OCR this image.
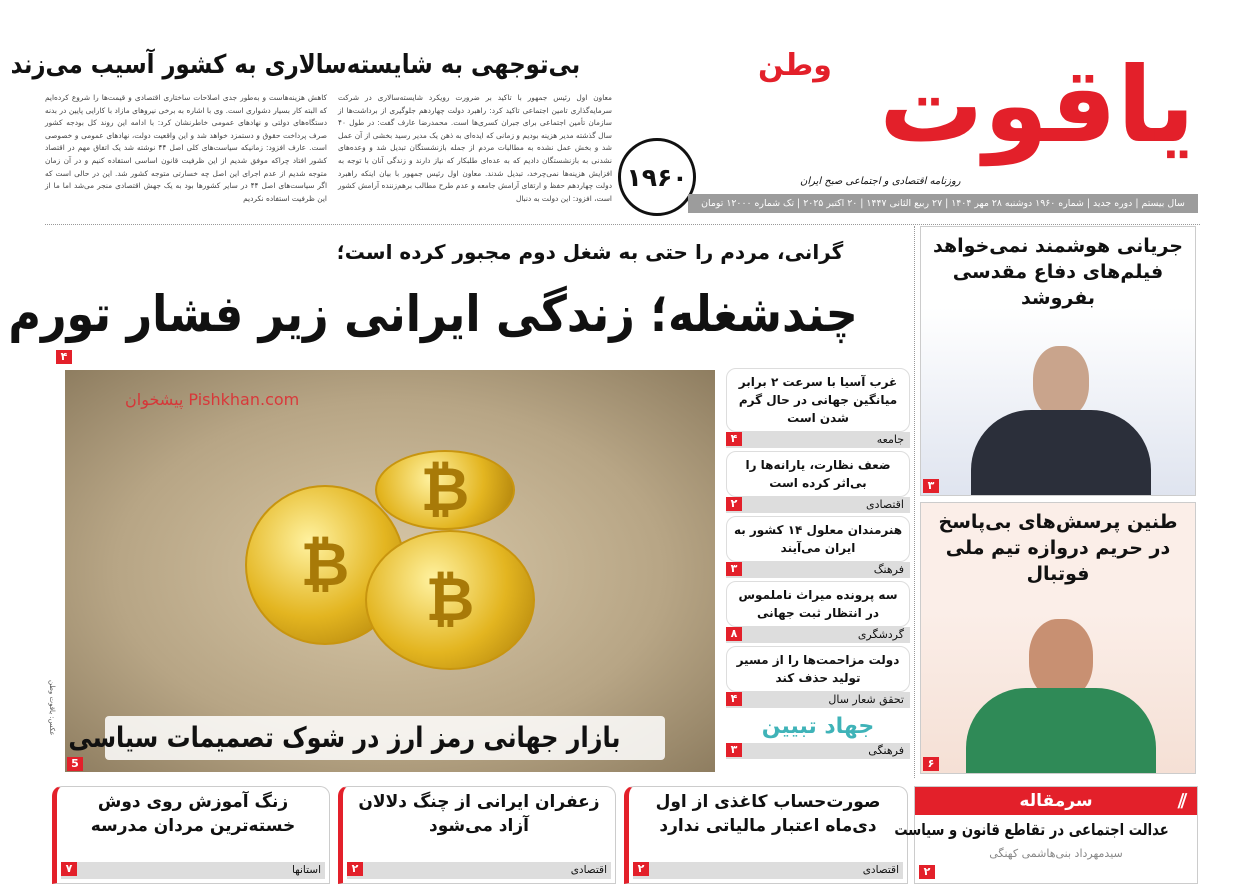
بی‌توجهی به شایسته‌سالاری به کشور آسیب می‌زند
معاون اول رئیس جمهور با تاکید بر ضرورت رویکرد شایسته‌سالاری در شرکت سرمایه‌گذاری تامین اجتماعی تاکید کرد: راهبرد دولت چهاردهم جلوگیری از برداشت‌ها از سازمان تأمین اجتماعی برای جبران کسری‌ها است. محمدرضا عارف گفت: در طول ۴۰ سال گذشته مدیر هزینه بودیم و زمانی که ایده‌ای به ذهن یک مدیر رسید بخشی از آن عمل شد و بخش عمل نشده به مطالبات مردم از جمله بازنشستگان تبدیل شد و وعده‌های نشدنی به بازنشستگان دادیم که به عده‌ای طلبکار که نیاز دارند و زندگی آنان با توجه به افزایش هزینه‌ها نمی‌چرخد، تبدیل شدند. معاون اول رئیس جمهور با بیان اینکه راهبرد دولت چهاردهم حفظ و ارتقای آرامش جامعه و عدم طرح مطالب برهم‌زننده آرامش کشور است، افزود: این دولت به دنبال
کاهش هزینه‌هاست و به‌طور جدی اصلاحات ساختاری اقتصادی و قیمت‌ها را شروع کرده‌ایم که البته کار بسیار دشواری است. وی با اشاره به برخی نیروهای مازاد با کارایی پایین در بدنه دستگاه‌های دولتی و نهادهای عمومی خاطرنشان کرد: با ادامه این روند کل بودجه کشور صرف پرداخت حقوق و دستمزد خواهد شد و این واقعیت دولت، نهادهای عمومی و خصوصی است. عارف افزود: زمانیکه سیاست‌های کلی اصل ۴۴ نوشته شد یک اتفاق مهم در اقتصاد کشور افتاد چراکه موفق شدیم از این ظرفیت قانون اساسی استفاده کنیم و در آن زمان متوجه شدیم از عدم اجرای این اصل چه خسارتی متوجه کشور شد. این در حالی است که اگر سیاست‌های اصل ۴۴ در سایر کشورها بود به یک جهش اقتصادی منجر می‌شد اما ما از این ظرفیت استفاده نکردیم
۱۹۶۰
یاقوت
وطن
روزنامه اقتصادی و اجتماعی صبح ایران
سال بیستم | دوره جدید | شماره ۱۹۶۰ دوشنبه ۲۸ مهر ۱۴۰۴ | ۲۷ ربیع الثانی ۱۴۴۷ | ۲۰ اکتبر ۲۰۲۵ | تک شماره ۱۲۰۰۰ تومان
گرانی، مردم را حتی به شغل دوم مجبور کرده است؛
چندشغله؛ زندگی ایرانی زیر فشار تورم
۴
پیشخوان Pishkhan.com
₿
₿
₿
بازار جهانی رمز ارز در شوک تصمیمات سیاسی
عکس: یاقوت وطن
5
غرب آسیا با سرعت ۲ برابر میانگین جهانی در حال گرم شدن است
جامعه
۴
ضعف نظارت، یارانه‌ها را بی‌اثر کرده است
اقتصادی
۲
هنرمندان معلول ۱۴ کشور به ایران می‌آیند
فرهنگ
۳
سه پرونده میراث ناملموس در انتظار ثبت جهانی
گردشگری
۸
دولت مزاحمت‌ها را از مسیر تولید حذف کند
تحقق شعار سال
۴
جهاد تبیین
فرهنگی
۳
جریانی هوشمند نمی‌خواهد فیلم‌های دفاع مقدسی بفروشد
۳
طنین پرسش‌های بی‌پاسخ در حریم دروازه تیم ملی فوتبال
۶
زنگ آموزش روی دوش خسته‌ترین مردان مدرسه
استانها
۷
زعفران ایرانی از چنگ دلالان آزاد می‌شود
اقتصادی
۲
صورت‌حساب کاغذی از اول دی‌ماه اعتبار مالیاتی ندارد
اقتصادی
۲
سرمقاله	⫽
عدالت اجتماعی در تقاطع قانون و سیاست
سیدمهرداد بنی‌هاشمی کهنگی
۲
